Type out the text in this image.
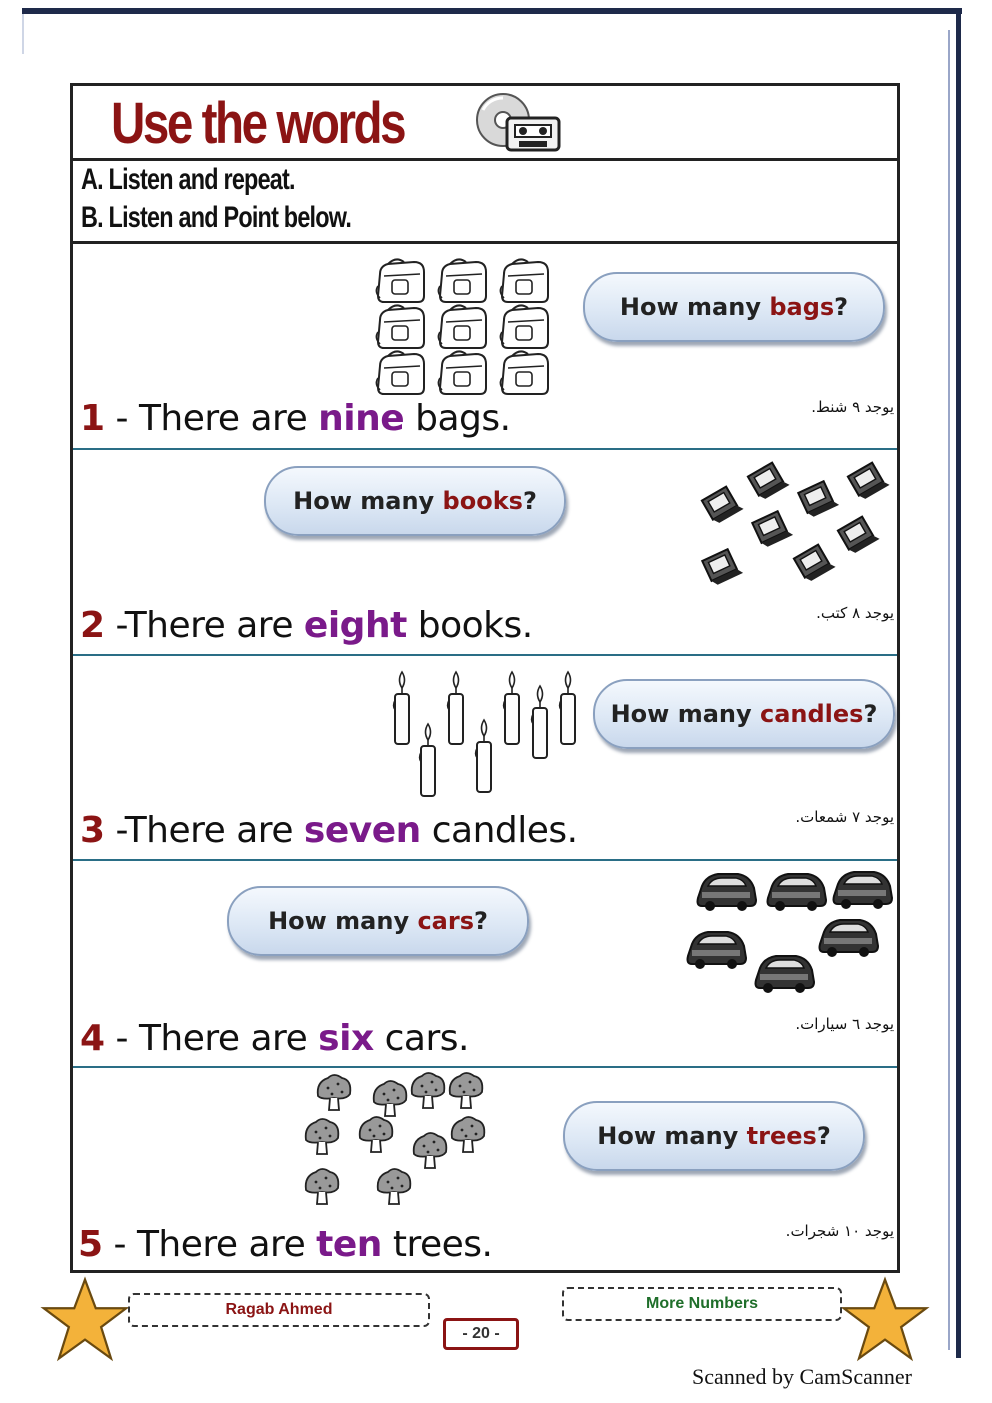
Use the words
A. Listen and repeat.
B. Listen and Point below.
How many bags ?
1 - There are nine bags.	يوجد ٩ شنط.
How many books ?
2 -There are eight books.	يوجد ٨ كتب.
How many candles ?
3 -There are seven candles.	يوجد ٧ شمعات.
How many cars ?
4 - There are six cars.	يوجد ٦ سيارات.
How many trees ?
5 - There are ten trees.	يوجد ١٠ شجرات.
Ragab Ahmed	More Numbers
- 20 -
Scanned by CamScanner
